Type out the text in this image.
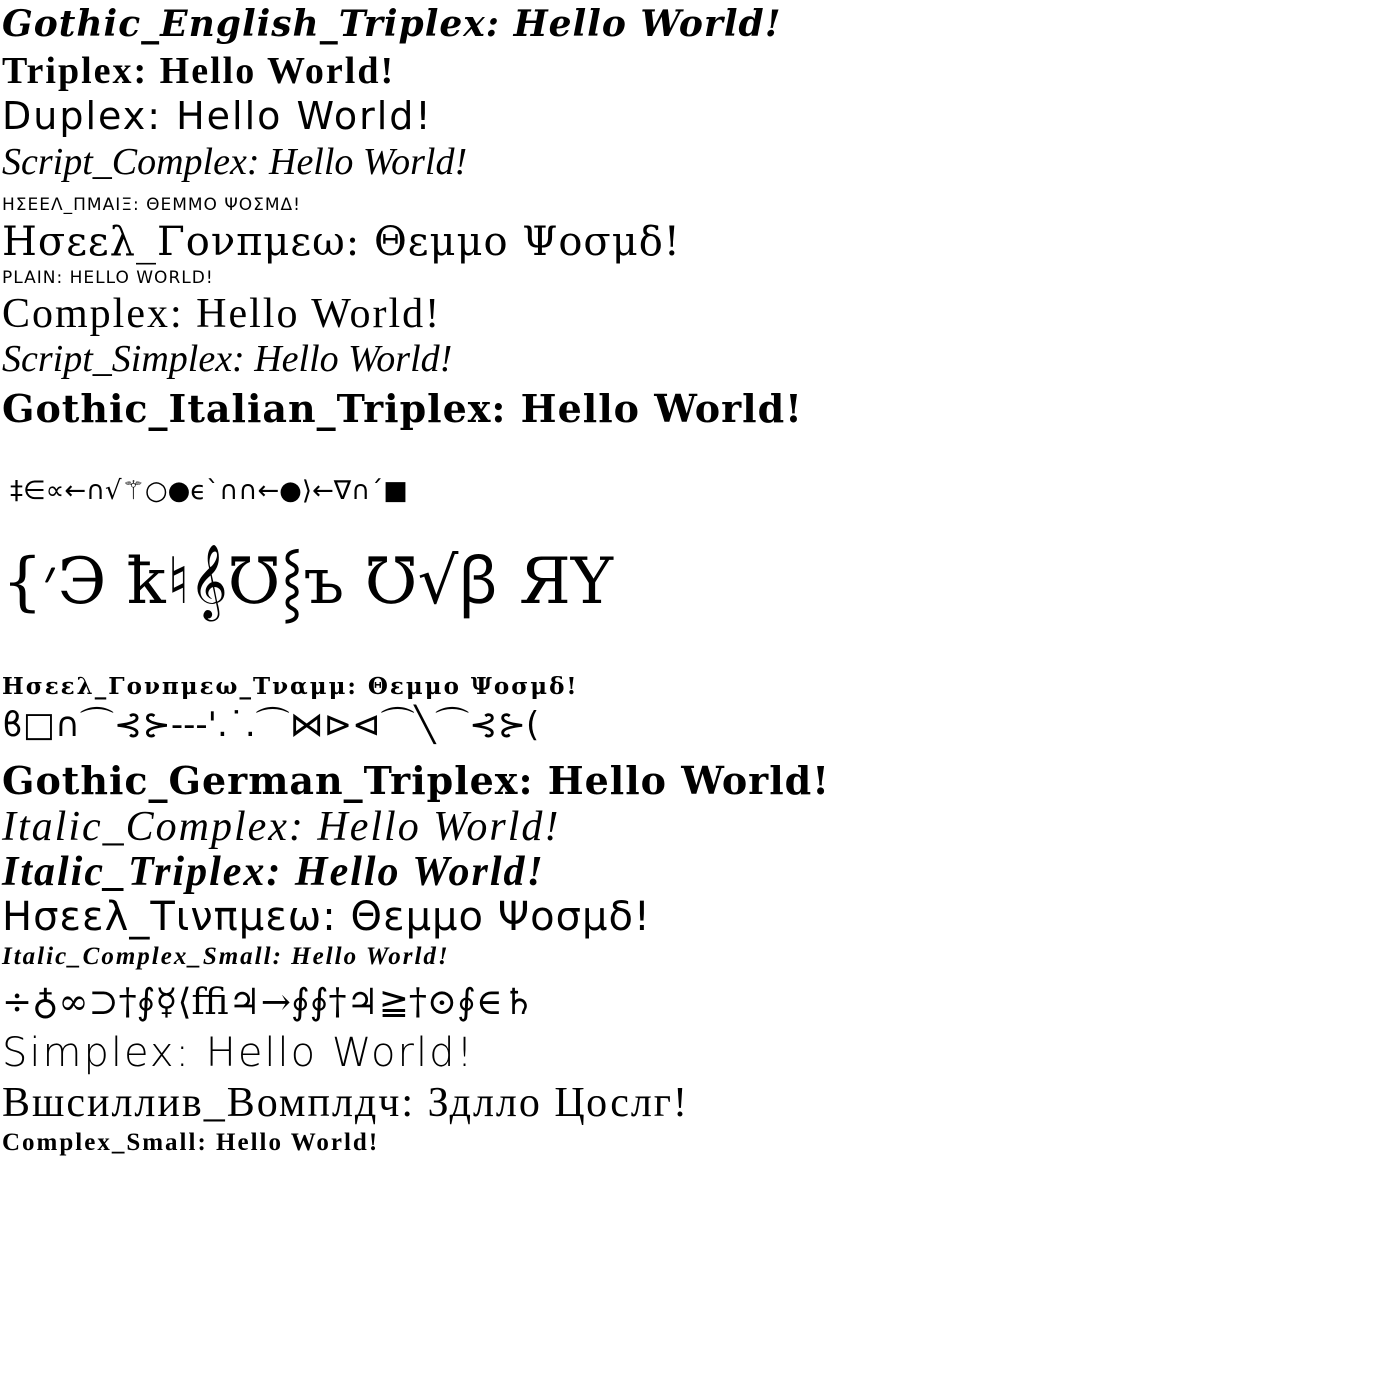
Gothic_English_Triplex: Hello World!
Triplex: Hello World!
Duplex: Hello World!
Script_Complex: Hello World!
ΗΣΕΕΛ_ΠΜΑΙΞ: ΘΕΜΜΟ ΨΟΣΜΔ!
Ησεελ_Γονπμεω: Θεμμο Ψοσμδ!
PLAIN: HELLO WORLD!
Complex: Hello World!
Script_Simplex: Hello World!
Gothic_Italian_Triplex: Hello World!
‡∈∝←∩√⚚○●ϵ`∩∩←●⟩←∇∩´■
{׳Э ꝁ♮𝄞℧⸾ъ ℧√ꞵ ЯΥ
Ησεελ_Γονπμεω_Τναμμ: Θεμμο Ψοσμδ!
ϐ□∩⌒⊰⊱---'.˙.⌒⋈⊳⊲⌒╲⌒⊰⊱(
Gothic_German_Triplex: Hello World!
Italic_Complex: Hello World!
Italic_Triplex: Hello World!
Ησεελ_Τινπμεω: Θεμμο Ψοσμδ!
Italic_Complex_Small: Hello World!
÷♁∞⊃†∮☿⟨ﬃ♃→∮∮†♃≧†⊙∮∈♄
Simplex: Hello World!
Вшсиллив_Вомплдч: Здлло Цослг!
Complex_Small: Hello World!
